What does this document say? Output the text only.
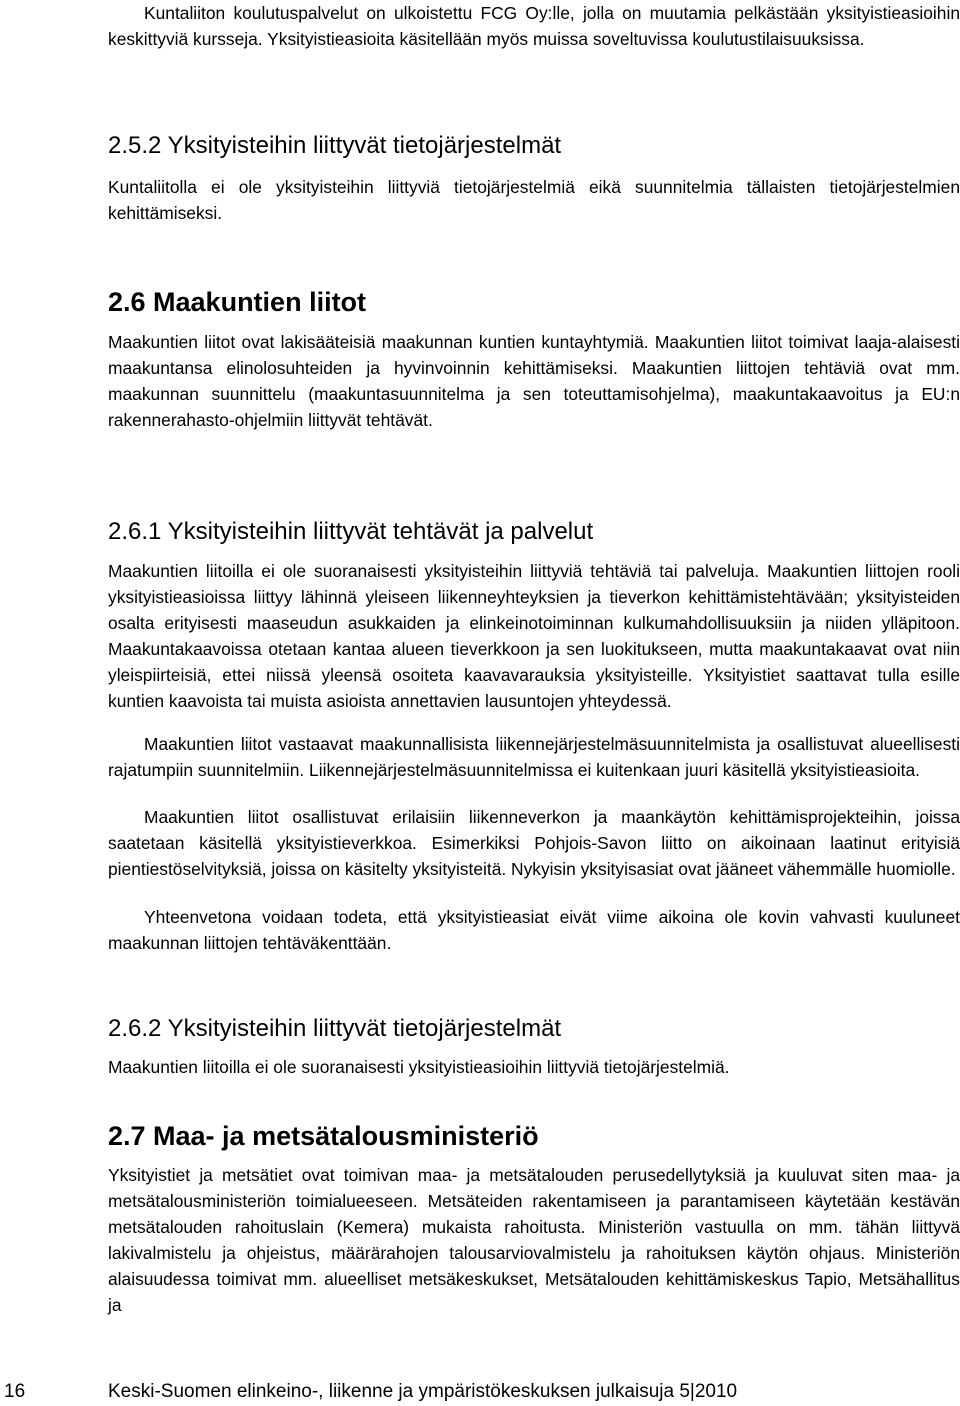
Kuntaliiton koulutuspalvelut on ulkoistettu FCG Oy:lle, jolla on muutamia pelkästään yksityistieasioihin keskittyviä kursseja. Yksityistieasioita käsitellään myös muissa soveltuvissa koulutustilaisuuksissa.

2.5.2 Yksityisteihin liittyvät tietojärjestelmät

Kuntaliitolla ei ole yksityisteihin liittyviä tietojärjestelmiä eikä suunnitelmia tällaisten tietojärjestelmien kehittämiseksi.

2.6 Maakuntien liitot

Maakuntien liitot ovat lakisääteisiä maakunnan kuntien kuntayhtymiä. Maakuntien liitot toimivat laaja-alaisesti maakuntansa elinolosuhteiden ja hyvinvoinnin kehittämiseksi. Maakuntien liittojen tehtäviä ovat mm. maakunnan suunnittelu (maakuntasuunnitelma ja sen toteuttamisohjelma), maakuntakaavoitus ja EU:n rakennerahasto-ohjelmiin liittyvät tehtävät.

2.6.1 Yksityisteihin liittyvät tehtävät ja palvelut

Maakuntien liitoilla ei ole suoranaisesti yksityisteihin liittyviä tehtäviä tai palveluja. Maakuntien liittojen rooli yksityistieasioissa liittyy lähinnä yleiseen liikenneyhteyksien ja tieverkon kehittämistehtävään; yksityisteiden osalta erityisesti maaseudun asukkaiden ja elinkeinotoiminnan kulkumahdollisuuksiin ja niiden ylläpitoon. Maakuntakaavoissa otetaan kantaa alueen tieverkkoon ja sen luokitukseen, mutta maakuntakaavat ovat niin yleispiirteisiä, ettei niissä yleensä osoiteta kaavavarauksia yksityisteille. Yksityistiet saattavat tulla esille kuntien kaavoista tai muista asioista annettavien lausuntojen yhteydessä.

Maakuntien liitot vastaavat maakunnallisista liikennejärjestelmäsuunnitelmista ja osallistuvat alueellisesti rajatumpiin suunnitelmiin. Liikennejärjestelmäsuunnitelmissa ei kuitenkaan juuri käsitellä yksityistieasioita.

Maakuntien liitot osallistuvat erilaisiin liikenneverkon ja maankäytön kehittämisprojekteihin, joissa saatetaan käsitellä yksityistieverkkoa. Esimerkiksi Pohjois-Savon liitto on aikoinaan laatinut erityisiä pientiestöselvityksiä, joissa on käsitelty yksityisteitä. Nykyisin yksityisasiat ovat jääneet vähemmälle huomiolle.

Yhteenvetona voidaan todeta, että yksityistieasiat eivät viime aikoina ole kovin vahvasti kuuluneet maakunnan liittojen tehtäväkenttään.

2.6.2 Yksityisteihin liittyvät tietojärjestelmät

Maakuntien liitoilla ei ole suoranaisesti yksityistieasioihin liittyviä tietojärjestelmiä.

2.7 Maa- ja metsätalousministeriö

Yksityistiet ja metsätiet ovat toimivan maa- ja metsätalouden perusedellytyksiä ja kuuluvat siten maa- ja metsätalousministeriön toimialueeseen. Metsäteiden rakentamiseen ja parantamiseen käytetään kestävän metsätalouden rahoituslain (Kemera) mukaista rahoitusta. Ministeriön vastuulla on mm. tähän liittyvä lakivalmistelu ja ohjeistus, määrärahojen talousarviovalmistelu ja rahoituksen käytön ohjaus. Ministeriön alaisuudessa toimivat mm. alueelliset metsäkeskukset, Metsätalouden kehittämiskeskus Tapio, Metsähallitus ja

16	Keski-Suomen elinkeino-, liikenne ja ympäristökeskuksen julkaisuja 5|2010
